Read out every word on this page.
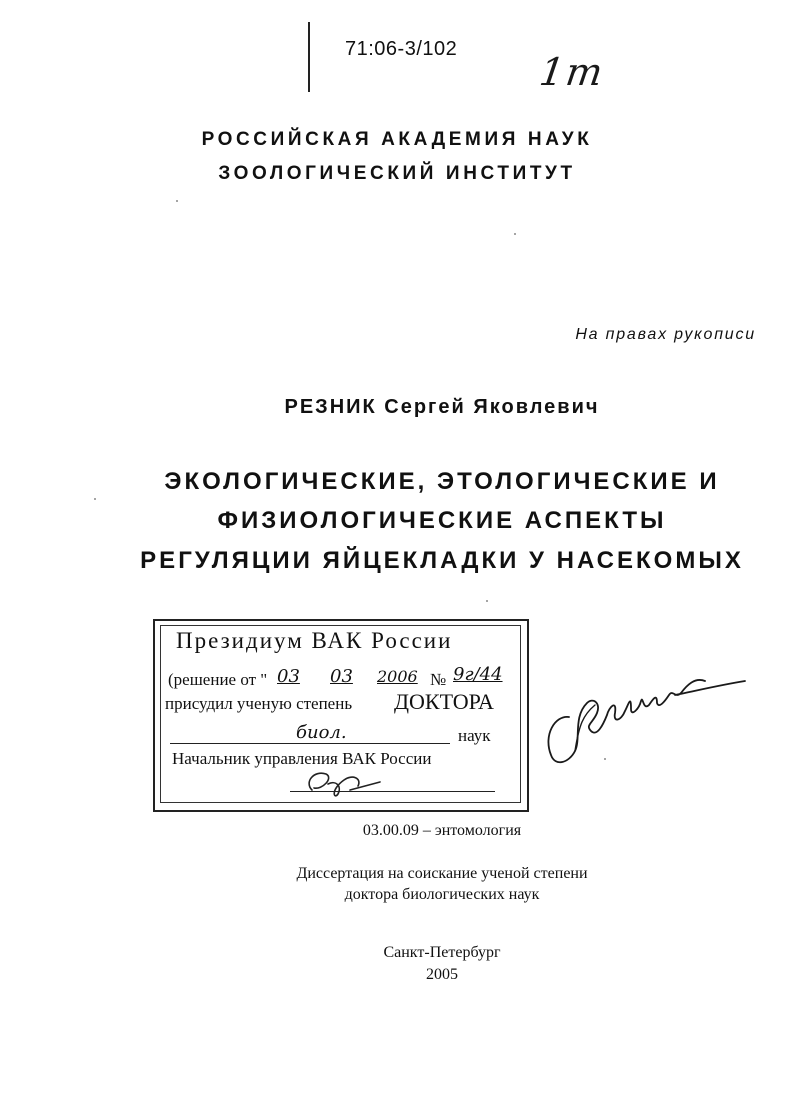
71:06-3/102
1т
РОССИЙСКАЯ АКАДЕМИЯ НАУК
ЗООЛОГИЧЕСКИЙ ИНСТИТУТ
На правах рукописи
РЕЗНИК Сергей Яковлевич
ЭКОЛОГИЧЕСКИЕ, ЭТОЛОГИЧЕСКИЕ И
ФИЗИОЛОГИЧЕСКИЕ АСПЕКТЫ
РЕГУЛЯЦИИ ЯЙЦЕКЛАДКИ У НАСЕКОМЫХ
Президиум ВАК России
(решение от " 03 03 2006 № 9г/44
присудил ученую степень ДОКТОРА
биол.	наук
Начальник управления ВАК России
03.00.09 – энтомология
Диссертация на соискание ученой степени
доктора биологических наук
Санкт-Петербург
2005
